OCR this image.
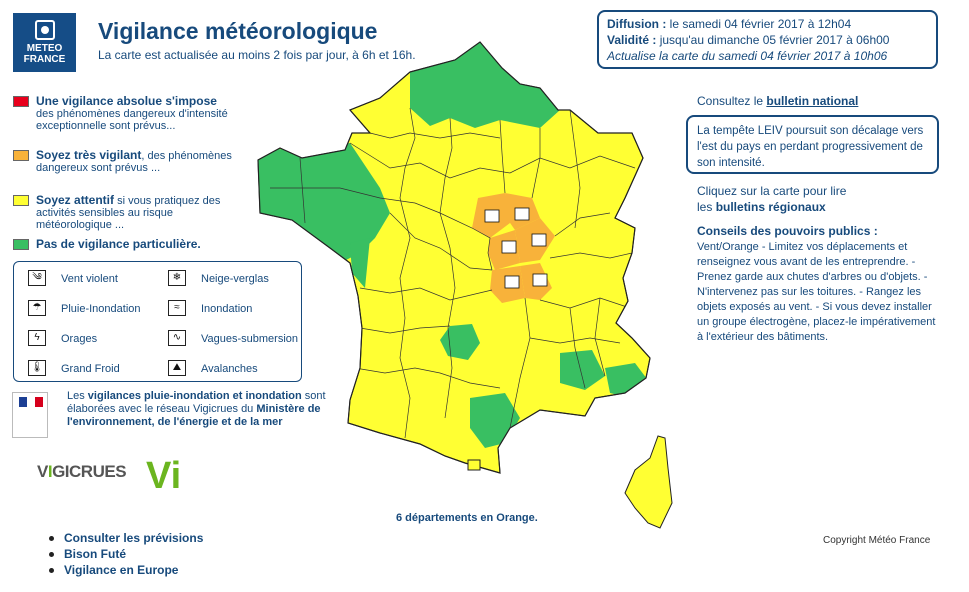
METEO
FRANCE
Vigilance météorologique
La carte est actualisée au moins 2 fois par jour, à 6h et 16h.
Diffusion : le samedi 04 février 2017 à 12h04
Validité : jusqu'au dimanche 05 février 2017 à 06h00
Actualise la carte du samedi 04 février 2017 à 10h06
Une vigilance absolue s'impose
des phénomènes dangereux d'intensité exceptionnelle sont prévus...
Soyez très vigilant, des phénomènes dangereux sont prévus ...
Soyez attentif si vous pratiquez des activités sensibles au risque météorologique ...
Pas de vigilance particulière.
༄	Vent violent	❄	Neige-verglas
☂	Pluie-Inondation	≈	Inondation
ϟ	Orages	∿	Vagues-submersion
🌡 Grand Froid	⛰	Avalanches
Les vigilances pluie-inondation et inondation sont élaborées avec le réseau Vigicrues du Ministère de l'environnement, de l'énergie et de la mer
VIGICRUES Vi
Consulter les prévisions
Bison Futé
Vigilance en Europe
Consultez le bulletin national
La tempête LEIV poursuit son décalage vers l'est du pays en perdant progressivement de son intensité.
Cliquez sur la carte pour lire
les bulletins régionaux
Conseils des pouvoirs publics :
Vent/Orange - Limitez vos déplacements et renseignez vous avant de les entreprendre. - Prenez garde aux chutes d'arbres ou d'objets. - N'intervenez pas sur les toitures. - Rangez les objets exposés au vent. - Si vous devez installer un groupe électrogène, placez-le impérativement à l'extérieur des bâtiments.
6 départements en Orange.
Copyright Météo France
